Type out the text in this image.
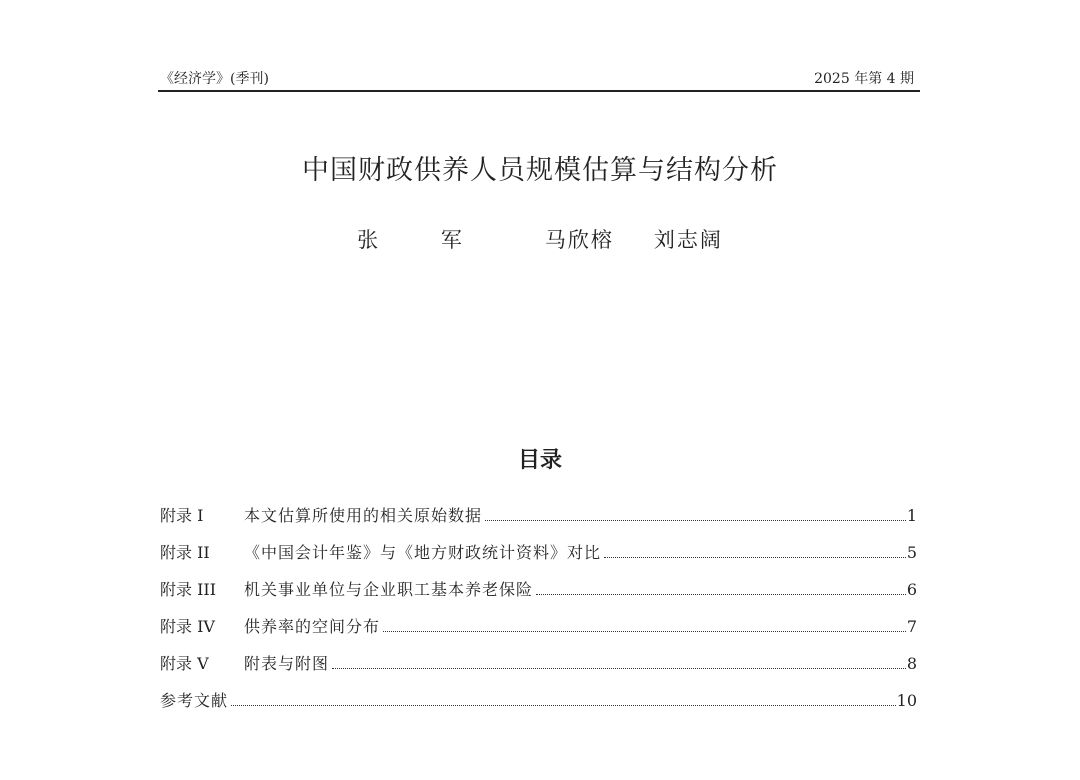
《经济学》(季刊)	2025 年第 4 期
中国财政供养人员规模估算与结构分析
张 军	马欣榕 刘志阔
目录
附录 I	本文估算所使用的相关原始数据	1
附录 II	《中国会计年鉴》与《地方财政统计资料》对比	5
附录 III	机关事业单位与企业职工基本养老保险	6
附录 IV	供养率的空间分布	7
附录 V	附表与附图	8
参考文献	10
